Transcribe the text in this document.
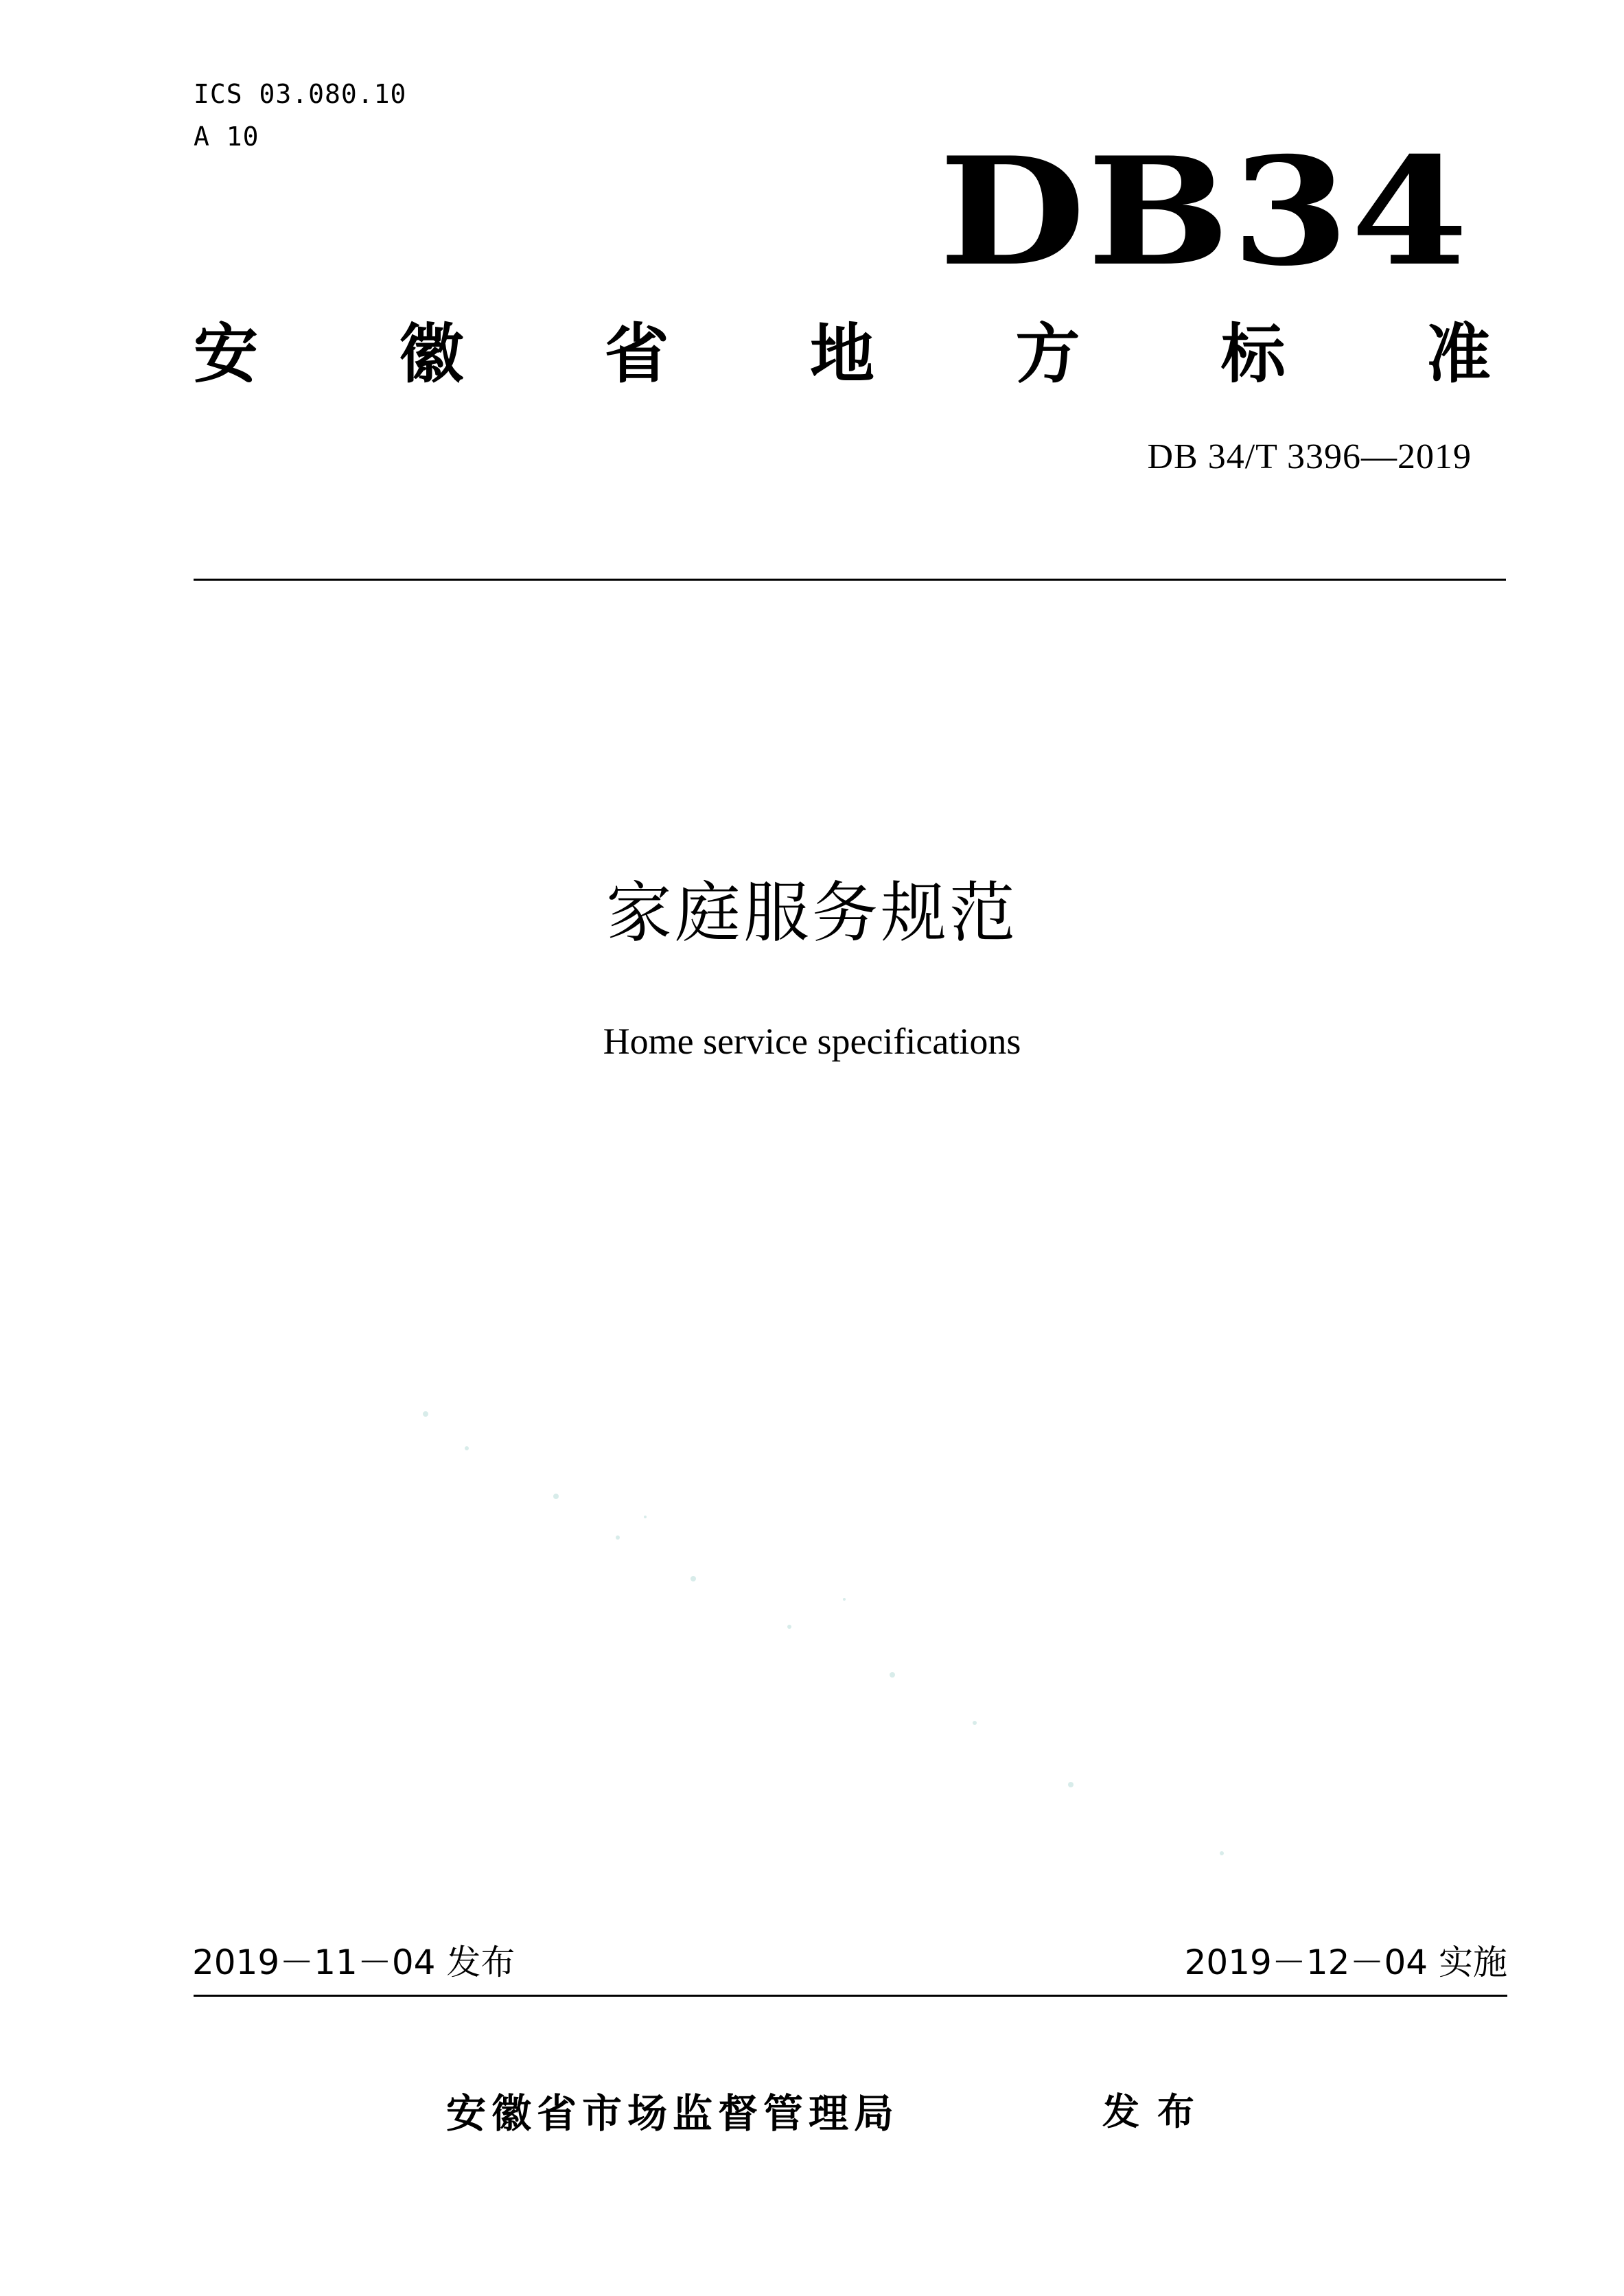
ICS 03.080.10
A 10	DB34
安 徽 省 地 方 标 准
DB 34/T 3396—2019
家庭服务规范
Home service specifications
2019－11－04 发布	2019－12－04 实施
安徽省市场监督管理局	发布
